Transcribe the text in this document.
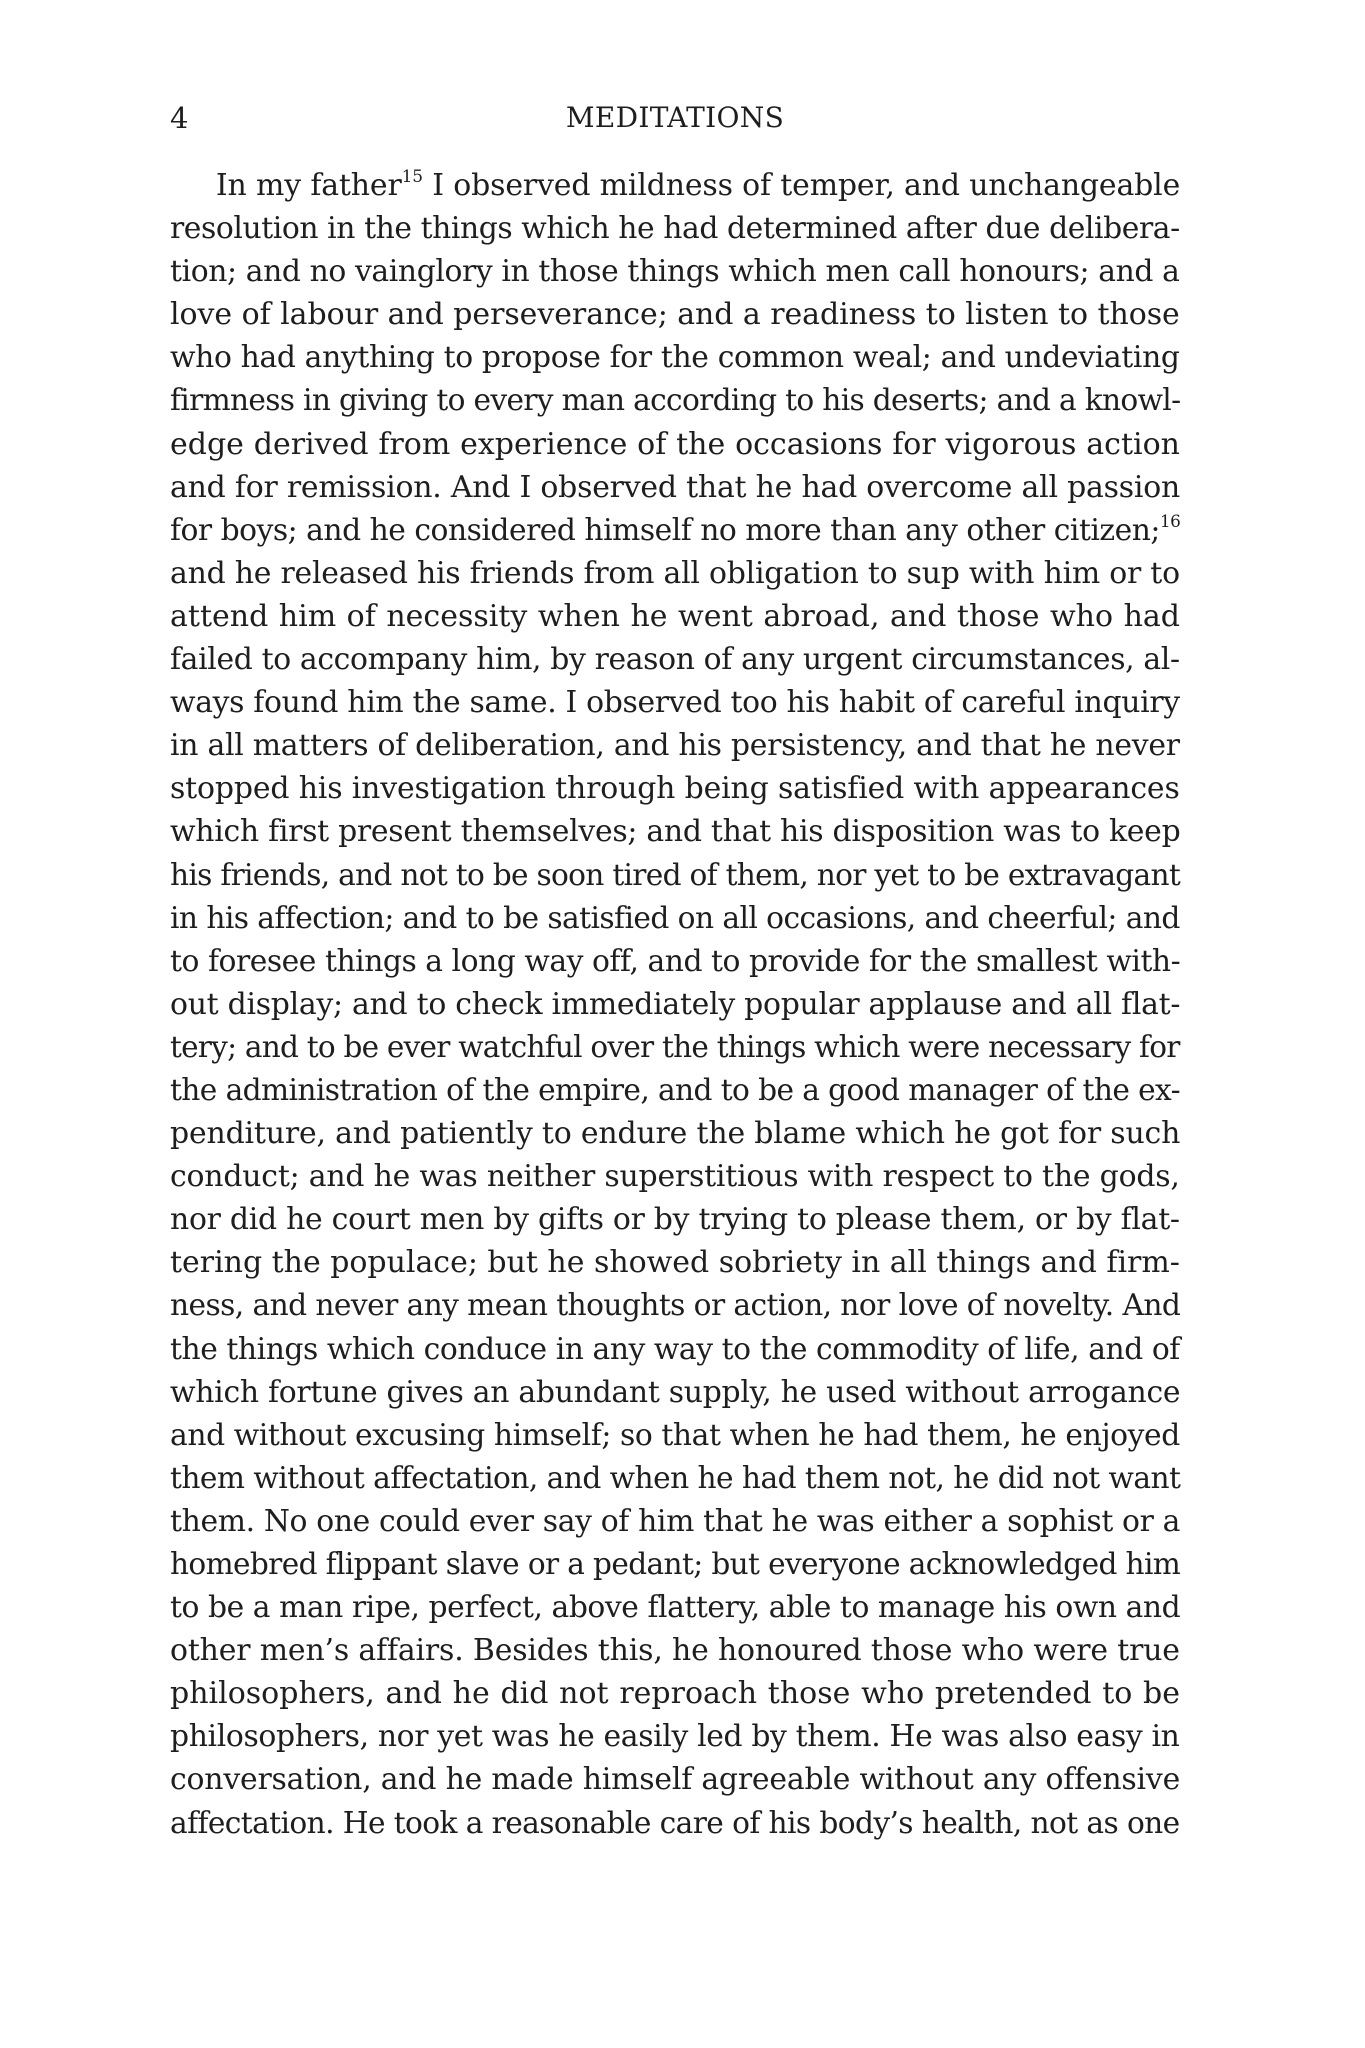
4	MEDITATIONS
In my father$^{15}$ I observed mildness of temper, and unchangeable
resolution in the things which he had determined after due delibera-
tion; and no vainglory in those things which men call honours; and a
love of labour and perseverance; and a readiness to listen to those
who had anything to propose for the common weal; and undeviating
firmness in giving to every man according to his deserts; and a knowl-
edge derived from experience of the occasions for vigorous action
and for remission. And I observed that he had overcome all passion
for boys; and he considered himself no more than any other citizen;$^{16}$
and he released his friends from all obligation to sup with him or to
attend him of necessity when he went abroad, and those who had
failed to accompany him, by reason of any urgent circumstances, al-
ways found him the same. I observed too his habit of careful inquiry
in all matters of deliberation, and his persistency, and that he never
stopped his investigation through being satisfied with appearances
which first present themselves; and that his disposition was to keep
his friends, and not to be soon tired of them, nor yet to be extravagant
in his affection; and to be satisfied on all occasions, and cheerful; and
to foresee things a long way off, and to provide for the smallest with-
out display; and to check immediately popular applause and all flat-
tery; and to be ever watchful over the things which were necessary for
the administration of the empire, and to be a good manager of the ex-
penditure, and patiently to endure the blame which he got for such
conduct; and he was neither superstitious with respect to the gods,
nor did he court men by gifts or by trying to please them, or by flat-
tering the populace; but he showed sobriety in all things and firm-
ness, and never any mean thoughts or action, nor love of novelty. And
the things which conduce in any way to the commodity of life, and of
which fortune gives an abundant supply, he used without arrogance
and without excusing himself; so that when he had them, he enjoyed
them without affectation, and when he had them not, he did not want
them. No one could ever say of him that he was either a sophist or a
homebred flippant slave or a pedant; but everyone acknowledged him
to be a man ripe, perfect, above flattery, able to manage his own and
other men’s affairs. Besides this, he honoured those who were true
philosophers, and he did not reproach those who pretended to be
philosophers, nor yet was he easily led by them. He was also easy in
conversation, and he made himself agreeable without any offensive
affectation. He took a reasonable care of his body’s health, not as one
